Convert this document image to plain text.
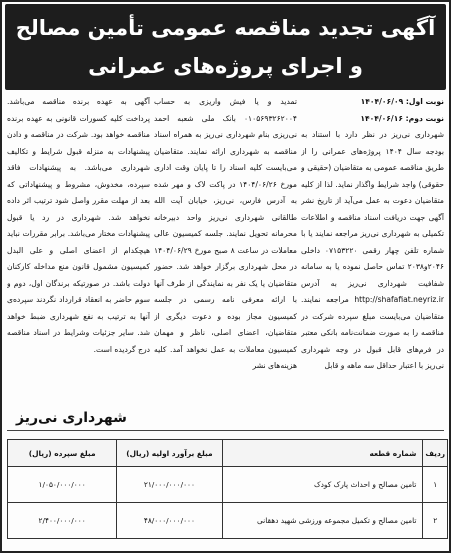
آگهی تجدید مناقصه عمومی تأمین مصالح
و اجرای پروژه‌های عمرانی
نوبت اول: ۱۴۰۴/۰۶/۰۹
نوبت دوم: ۱۴۰۴/۰۶/۱۶
شهرداری نی‌ریز در نظر دارد با استناد به بودجه سال ۱۴۰۴ پروژه‌های عمرانی را از طریق مناقصه عمومی به متقاضیان (حقیقی و حقوقی) واجد شرایط واگذار نماید. لذا از کلیه متقاضیان دعوت به عمل می‌آید از تاریخ نشر آگهی جهت دریافت اسناد مناقصه و اطلاعات تکمیلی به شهرداری نی‌ریز مراجعه نمایند یا با شماره تلفن چهار رقمی ۰۷۱۵۳۲۲۰ داخلی ۲۰۴۶و۲۰۳۸ تماس حاصل نموده یا به سامانه شفافیت شهرداری نی‌ریز به آدرس http://shafafiat.neyriz.ir مراجعه نمایند. متقاضیان می‌بایست مبلغ سپرده شرکت در مناقصه را به صورت ضمانت‌نامه بانکی معتبر در فرم‌های قابل قبول در وجه شهرداری نی‌ریز با اعتبار حداقل سه ماهه و قابل
تمدید و یا فیش واریزی به حساب ۰۱۰۵۶۹۳۲۶۲۰۰۴ بانک ملی شعبه احمد نی‌ریزی بنام شهرداری نی‌ریز به همراه اسناد مناقصه به شهرداری ارائه نمایند. متقاضیان می‌بایست کلیه اسناد را تا پایان وقت اداری مورخ ۱۴۰۴/۰۶/۲۶ در پاکت لاک و مهر شده به آدرس فارس، نی‌ریز، خیابان آیت الله طالقانی شهرداری نی‌ریز واحد دبیرخانه محرمانه تحویل نمایند. جلسه کمیسیون عالی معاملات در ساعت ۸ صبح مورخ ۱۴۰۴/۰۶/۲۹ در محل شهرداری برگزار خواهد شد. حضور متقاضیان یا یک نفر به نمایندگی از طرف آنها با ارائه معرفی نامه رسمی در جلسه کمیسیون مجاز بوده و دعوت دیگری از متقاضیان، اعضای اصلی، ناظر و مهمان کمیسیون معاملات به عمل نخواهد آمد. کلیه هزینه‌های نشر
آگهی به عهده برنده مناقصه می‌باشد. پرداخت کلیه کسورات قانونی به عهده برنده مناقصه خواهد بود. شرکت در مناقصه و دادن پیشنهادات به منزله قبول شرایط و تکالیف شهرداری می‌باشد. به پیشنهادات فاقد سپرده، مخدوش، مشروط و پیشنهاداتی که بعد از مهلت مقرر واصل شود ترتیب اثر داده نخواهد شد. شهرداری در رد یا قبول پیشنهادات مختار می‌باشد. برابر مقررات نباید هیچکدام از اعضای اصلی و علی البدل کمیسیون مشمول قانون منع مداخله کارکنان دولت باشد. در صورتیکه برندگان اول، دوم و سوم حاضر به انعقاد قرارداد نگردند سپرده‌ی آنها به ترتیب به نفع شهرداری ضبط خواهد شد. سایر جزئیات وشرایط در اسناد مناقصه درج گردیده است.
شهرداری نی‌ریز
ردیف	شماره قطعه	مبلغ برآورد اولیه (ریال)	مبلغ سپرده (ریال)
۱	تامین مصالح و احداث پارک کودک	۲۱/۰۰۰/۰۰۰/۰۰۰	۱/۰۵۰/۰۰۰/۰۰۰
۲	تامین مصالح و تکمیل مجموعه ورزشی شهید دهقانی	۴۸/۰۰۰/۰۰۰/۰۰۰	۲/۴۰۰/۰۰۰/۰۰۰
